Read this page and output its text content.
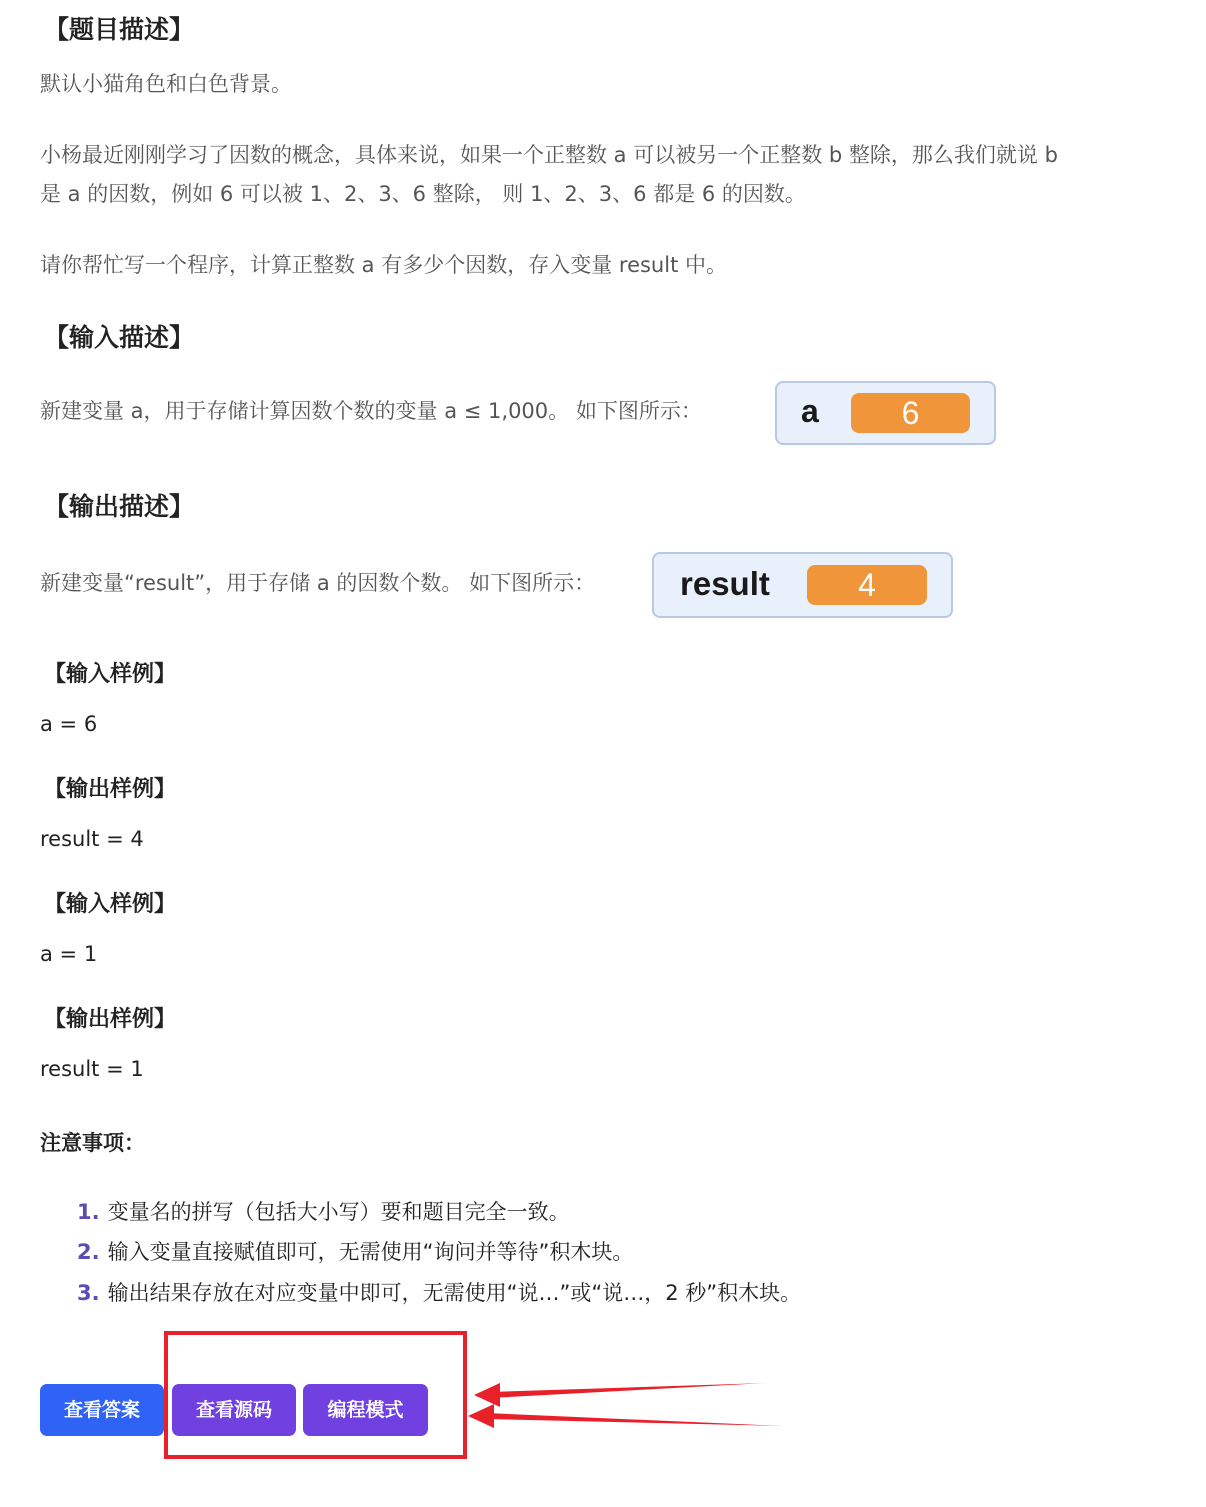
【题目描述】
默认小猫角色和白色背景。
小杨最近刚刚学习了因数的概念，具体来说，如果一个正整数 a 可以被另一个正整数 b 整除，那么我们就说 b
是 a 的因数，例如 6 可以被 1、2、3、6 整除， 则 1、2、3、6 都是 6 的因数。
请你帮忙写一个程序，计算正整数 a 有多少个因数，存入变量 result 中。
【输入描述】
新建变量 a，用于存储计算因数个数的变量 a ≤ 1,000。 如下图所示：	a	6
【输出描述】
新建变量“result”，用于存储 a 的因数个数。 如下图所示：	result	4
【输入样例】
a = 6
【输出样例】
result = 4
【输入样例】
a = 1
【输出样例】
result = 1
注意事项：
1. 变量名的拼写（包括大小写）要和题目完全一致。
2. 输入变量直接赋值即可，无需使用“询问并等待”积木块。
3. 输出结果存放在对应变量中即可，无需使用“说…”或“说…，2 秒”积木块。
查看答案	查看源码	编程模式
